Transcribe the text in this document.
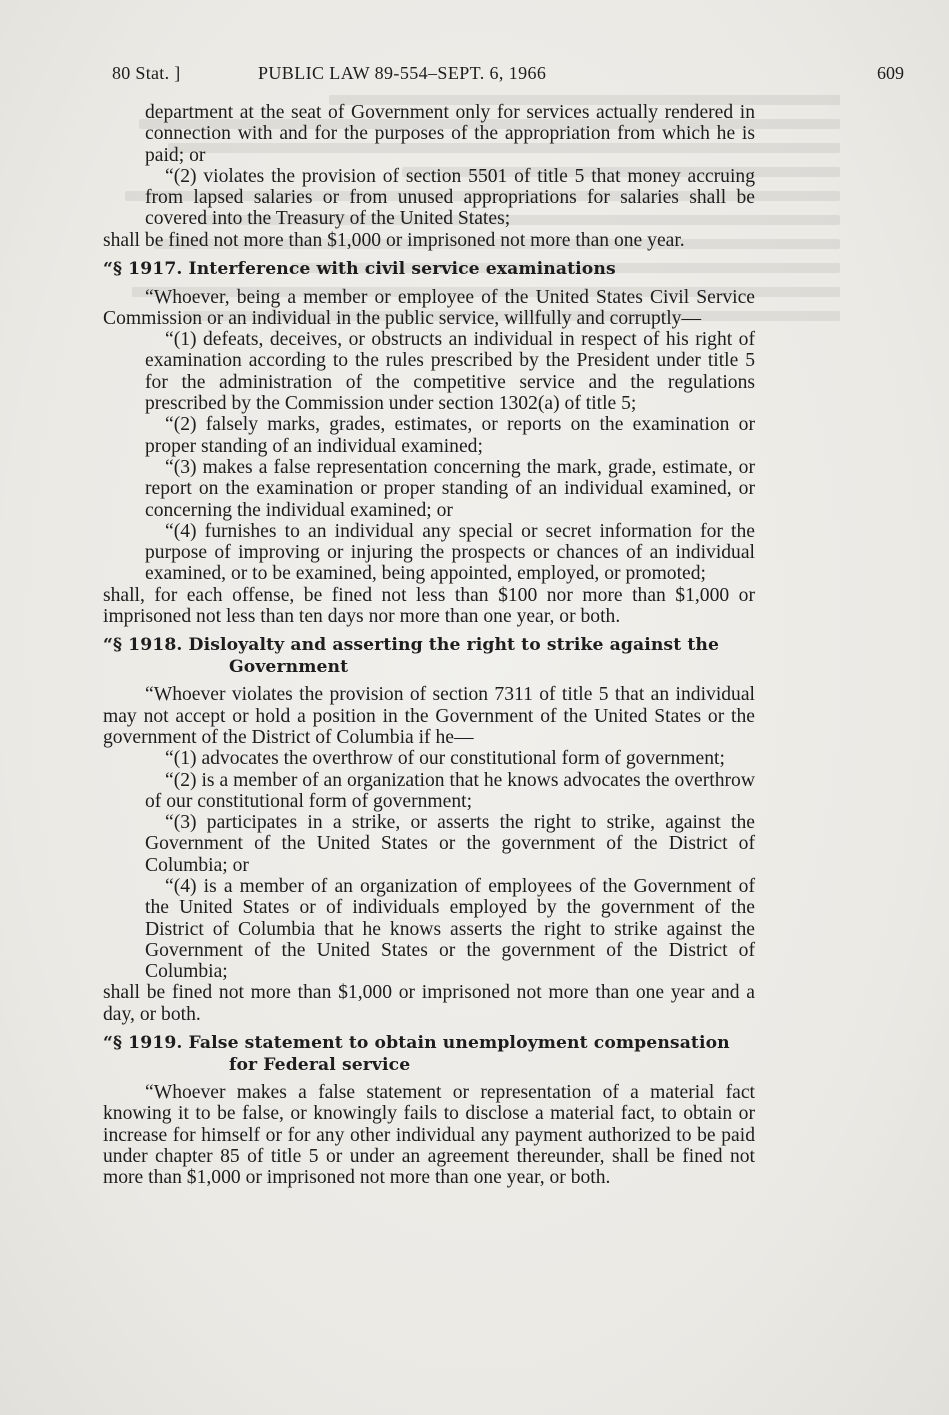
80 Stat. ]	PUBLIC LAW 89-554–SEPT. 6, 1966	609

department at the seat of Government only for services actually rendered in connection with and for the purposes of the appropriation from which he is paid; or

“(2) violates the provision of section 5501 of title 5 that money accruing from lapsed salaries or from unused appropriations for salaries shall be covered into the Treasury of the United States;

shall be fined not more than $1,000 or imprisoned not more than one year.

“§ 1917. Interference with civil service examinations

“Whoever, being a member or employee of the United States Civil Service Commission or an individual in the public service, willfully and corruptly—

“(1) defeats, deceives, or obstructs an individual in respect of his right of examination according to the rules prescribed by the President under title 5 for the administration of the competitive service and the regulations prescribed by the Commission under section 1302(a) of title 5;

“(2) falsely marks, grades, estimates, or reports on the examination or proper standing of an individual examined;

“(3) makes a false representation concerning the mark, grade, estimate, or report on the examination or proper standing of an individual examined, or concerning the individual examined; or

“(4) furnishes to an individual any special or secret information for the purpose of improving or injuring the prospects or chances of an individual examined, or to be examined, being appointed, employed, or promoted;

shall, for each offense, be fined not less than $100 nor more than $1,000 or imprisoned not less than ten days nor more than one year, or both.

“§ 1918. Disloyalty and asserting the right to strike against the
Government

“Whoever violates the provision of section 7311 of title 5 that an individual may not accept or hold a position in the Government of the United States or the government of the District of Columbia if he—

“(1) advocates the overthrow of our constitutional form of government;

“(2) is a member of an organization that he knows advocates the overthrow of our constitutional form of government;

“(3) participates in a strike, or asserts the right to strike, against the Government of the United States or the government of the District of Columbia; or

“(4) is a member of an organization of employees of the Government of the United States or of individuals employed by the government of the District of Columbia that he knows asserts the right to strike against the Government of the United States or the government of the District of Columbia;

shall be fined not more than $1,000 or imprisoned not more than one year and a day, or both.

“§ 1919. False statement to obtain unemployment compensation
for Federal service

“Whoever makes a false statement or representation of a material fact knowing it to be false, or knowingly fails to disclose a material fact, to obtain or increase for himself or for any other individual any payment authorized to be paid under chapter 85 of title 5 or under an agreement thereunder, shall be fined not more than $1,000 or imprisoned not more than one year, or both.
